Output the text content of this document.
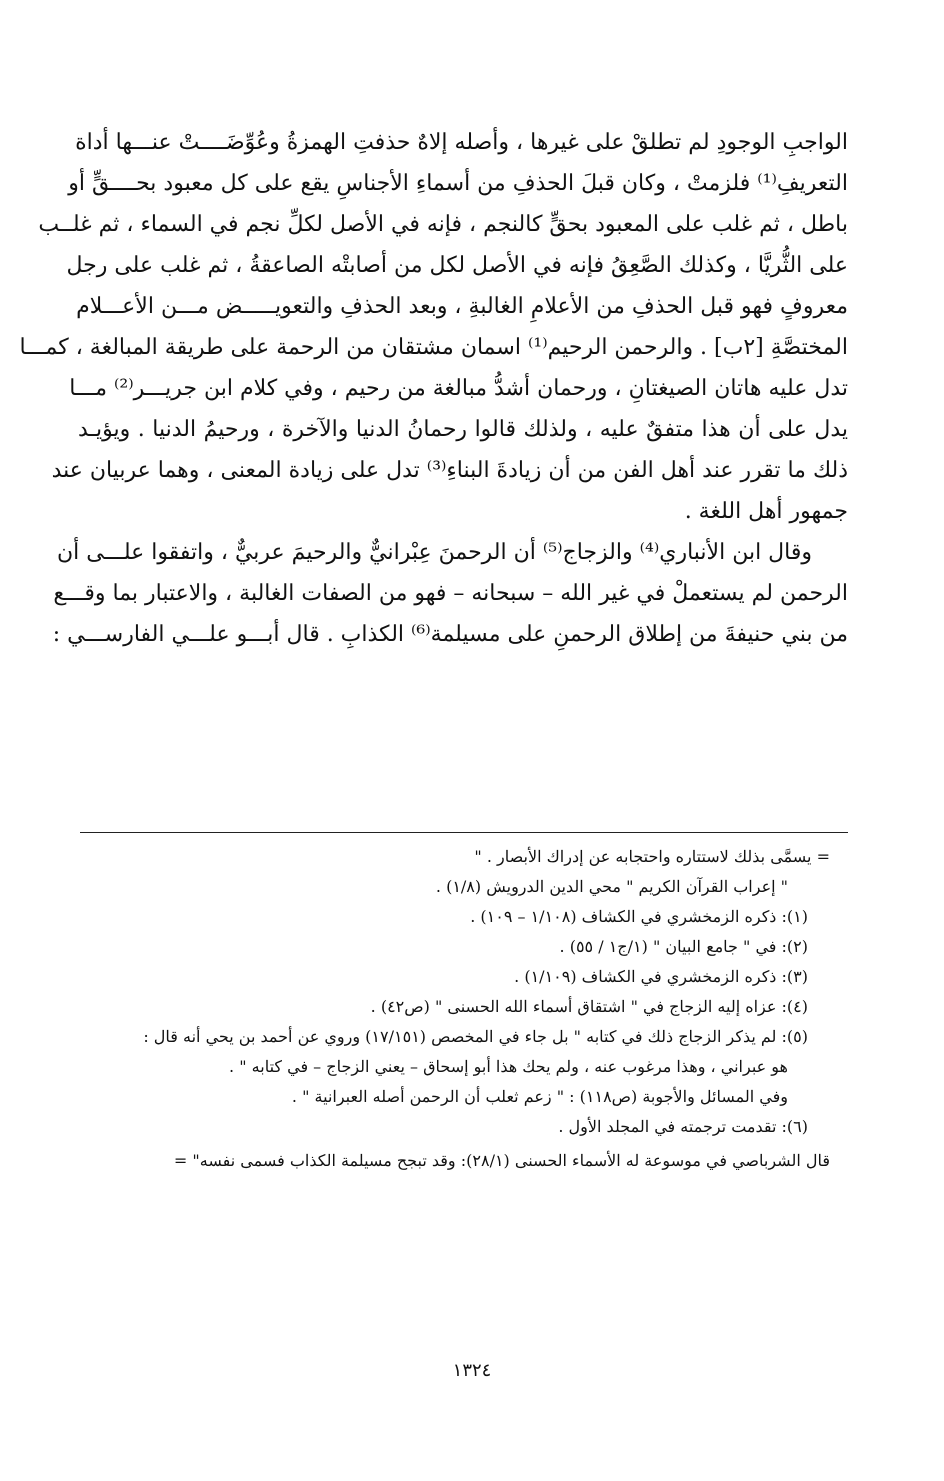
الواجبِ الوجودِ لم تطلقْ على غيرها ، وأصله إلاهٌ حذفتِ الهمزةُ وعُوِّضَــــتْ عنـــها أداة
التعريفِ⁽¹⁾ فلزمتْ ، وكان قبلَ الحذفِ من أسماءِ الأجناسِ يقع على كل معبود بحــــقٍّ أو
باطل ، ثم غلب على المعبود بحقٍّ كالنجم ، فإنه في الأصل لكلِّ نجم في السماء ، ثم غلــب
على الثُّريَّا ، وكذلك الصَّعِقُ فإنه في الأصل لكل من أصابتْه الصاعقةُ ، ثم غلب على رجل
معروفٍ فهو قبل الحذفِ من الأعلامِ الغالبةِ ، وبعد الحذفِ والتعويـــــض مـــن الأعـــلام
المختصَّةِ [٢ب] . والرحمن الرحيم⁽¹⁾ اسمان مشتقان من الرحمة على طريقة المبالغة ، كمـــا
تدل عليه هاتان الصيغتانِ ، ورحمان أشدُّ مبالغة من رحيم ، وفي كلام ابن جريـــر⁽²⁾ مـــا
يدل على أن هذا متفقٌ عليه ، ولذلك قالوا رحمانُ الدنيا والآخرة ، ورحيمُ الدنيا . ويؤيـد
ذلك ما تقرر عند أهل الفن من أن زيادةَ البناءِ⁽³⁾ تدل على زيادة المعنى ، وهما عربيان عند
جمهور أهل اللغة .
وقال ابن الأنباري⁽⁴⁾ والزجاج⁽⁵⁾ أن الرحمنَ عِبْرانيٌّ والرحيمَ عربيٌّ ، واتفقوا علـــى أن
الرحمن لم يستعملْ في غير الله – سبحانه – فهو من الصفات الغالبة ، والاعتبار بما وقـــع
من بني حنيفةَ من إطلاق الرحمنِ على مسيلمة⁽⁶⁾ الكذابِ . قال أبـــو علـــي الفارســـي :
= يسمَّى بذلك لاستتاره واحتجابه عن إدراك الأبصار . "
" إعراب القرآن الكريم " محي الدين الدرويش (١/٨) .
(١): ذكره الزمخشري في الكشاف (١/١٠٨ – ١٠٩) .
(٢): في " جامع البيان " (١/ج١ / ٥٥) .
(٣): ذكره الزمخشري في الكشاف (١/١٠٩) .
(٤): عزاه إليه الزجاج في " اشتقاق أسماء الله الحسنى " (ص٤٢) .
(٥): لم يذكر الزجاج ذلك في كتابه " بل جاء في المخصص (١٧/١٥١) وروي عن أحمد بن يحي أنه قال :
هو عبراني ، وهذا مرغوب عنه ، ولم يحك هذا أبو إسحاق – يعني الزجاج – في كتابه " .
وفي المسائل والأجوبة (ص١١٨) : " زعم ثعلب أن الرحمن أصله العبرانية " .
(٦): تقدمت ترجمته في المجلد الأول .
قال الشرباصي في موسوعة له الأسماء الحسنى (٢٨/١): وقد تبجح مسيلمة الكذاب فسمى نفسه" =
١٣٢٤
